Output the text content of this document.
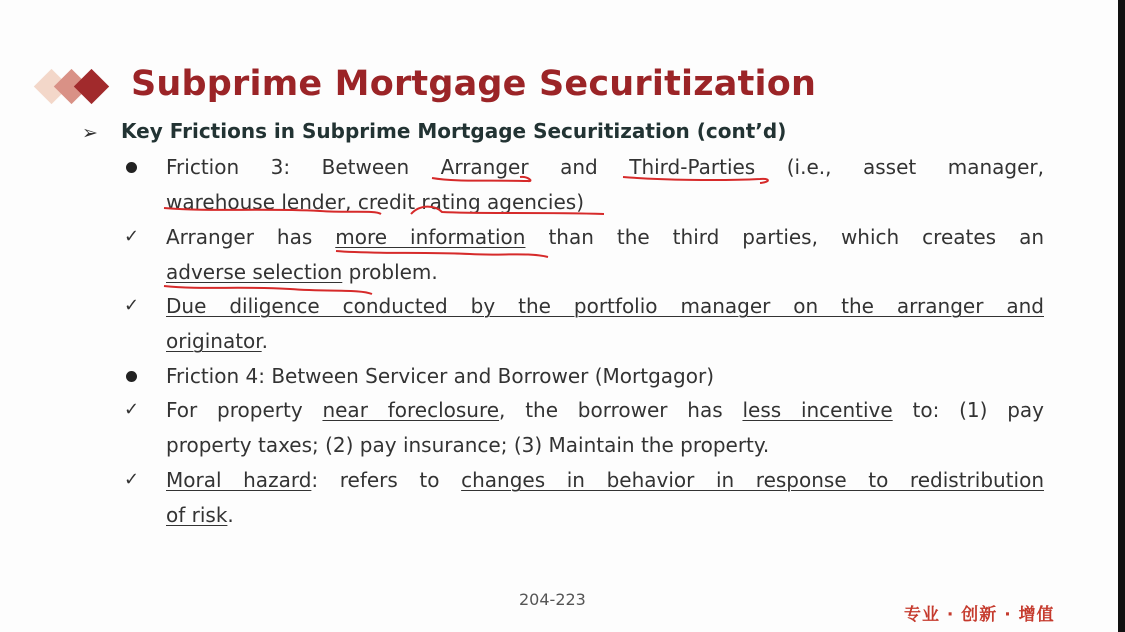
Subprime Mortgage Securitization
➢ Key Frictions in Subprime Mortgage Securitization (cont’d)
Friction 3: Between Arranger and Third-Parties (i.e., asset manager,
warehouse lender, credit rating agencies)
✓ Arranger has more information than the third parties, which creates an
adverse selection problem.
✓ Due diligence conducted by the portfolio manager on the arranger and
originator.
Friction 4: Between Servicer and Borrower (Mortgagor)
✓ For property near foreclosure, the borrower has less incentive to: (1) pay
property taxes; (2) pay insurance; (3) Maintain the property.
✓ Moral hazard: refers to changes in behavior in response to redistribution
of risk.
204-223
专业 · 创新 · 增值
